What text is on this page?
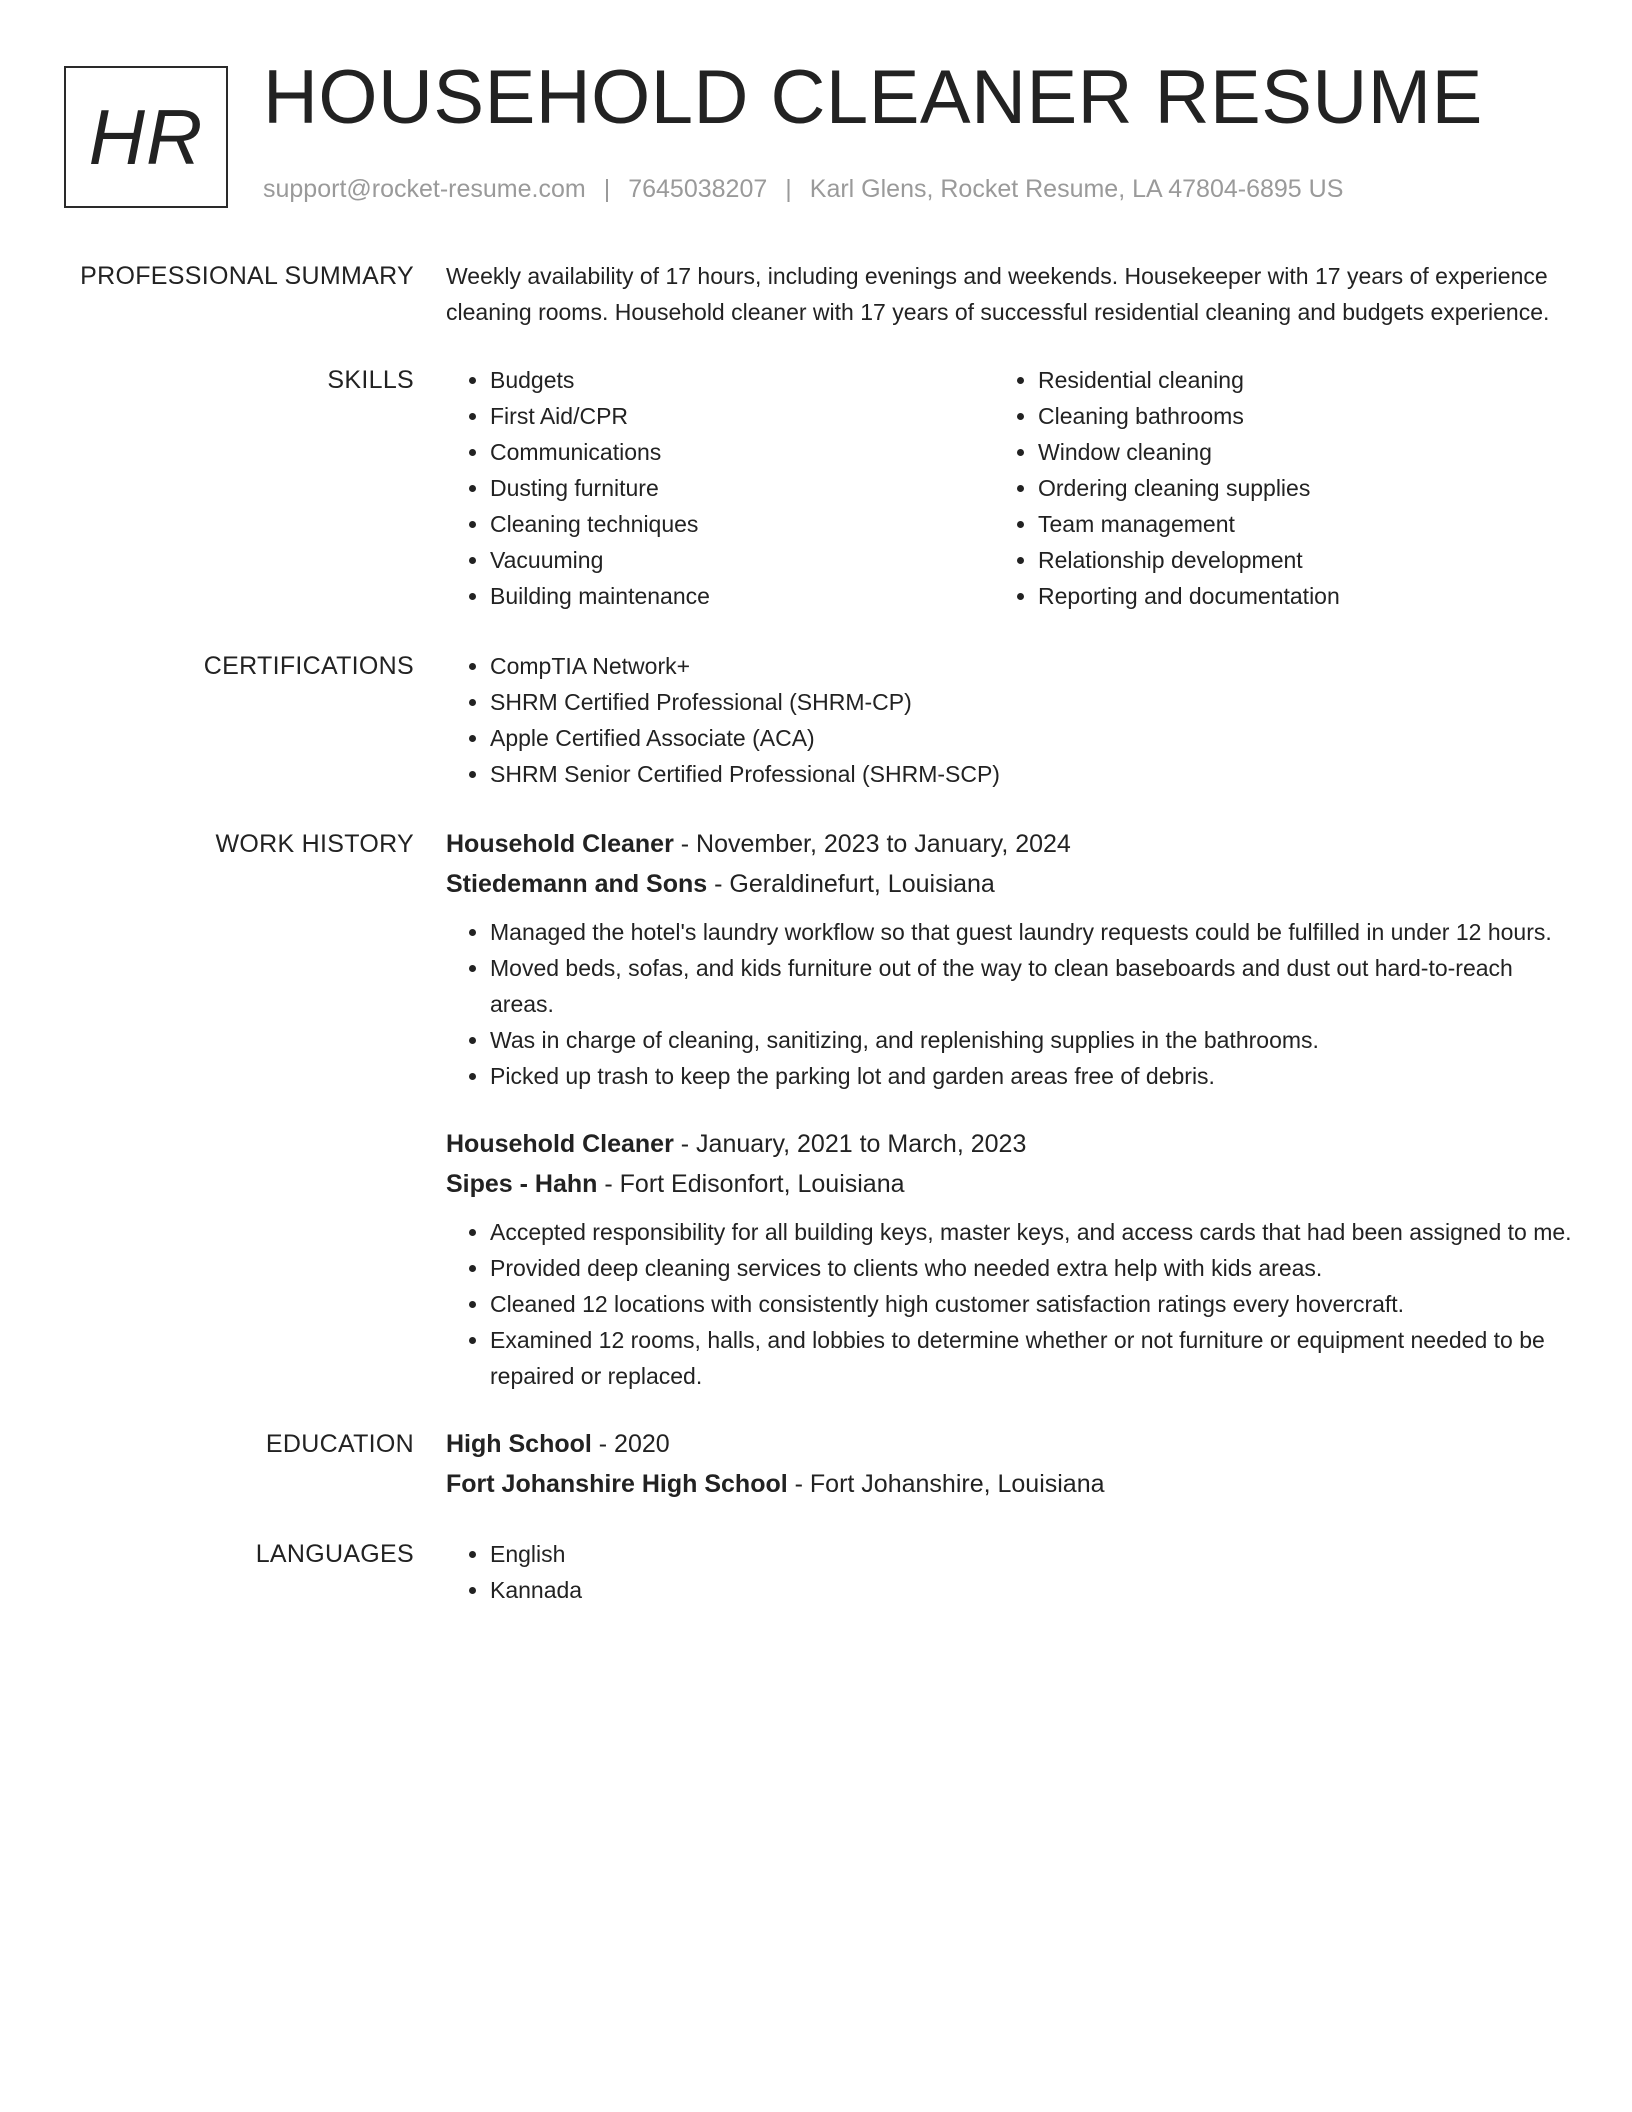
HR HOUSEHOLD CLEANER RESUME
support@rocket-resume.com | 7645038207 | Karl Glens, Rocket Resume, LA 47804-6895 US
PROFESSIONAL SUMMARY Weekly availability of 17 hours, including evenings and weekends. Housekeeper with 17 years of experience cleaning rooms. Household cleaner with 17 years of successful residential cleaning and budgets experience.
SKILLS	• Budgets
• First Aid/CPR
• Communications
• Dusting furniture
• Cleaning techniques
• Vacuuming
• Building maintenance
• Residential cleaning
• Cleaning bathrooms
• Window cleaning
• Ordering cleaning supplies
• Team management
• Relationship development
• Reporting and documentation
CERTIFICATIONS	• CompTIA Network+
• SHRM Certified Professional (SHRM-CP)
• Apple Certified Associate (ACA)
• SHRM Senior Certified Professional (SHRM-SCP)
WORK HISTORY Household Cleaner - November, 2023 to January, 2024
Stiedemann and Sons - Geraldinefurt, Louisiana
• Managed the hotel's laundry workflow so that guest laundry requests could be fulfilled in under 12 hours.
• Moved beds, sofas, and kids furniture out of the way to clean baseboards and dust out hard-to-reach areas.
• Was in charge of cleaning, sanitizing, and replenishing supplies in the bathrooms.
• Picked up trash to keep the parking lot and garden areas free of debris.
Household Cleaner - January, 2021 to March, 2023
Sipes - Hahn - Fort Edisonfort, Louisiana
• Accepted responsibility for all building keys, master keys, and access cards that had been assigned to me.
• Provided deep cleaning services to clients who needed extra help with kids areas.
• Cleaned 12 locations with consistently high customer satisfaction ratings every hovercraft.
• Examined 12 rooms, halls, and lobbies to determine whether or not furniture or equipment needed to be repaired or replaced.
EDUCATION High School - 2020
Fort Johanshire High School - Fort Johanshire, Louisiana
LANGUAGES	• English
• Kannada
